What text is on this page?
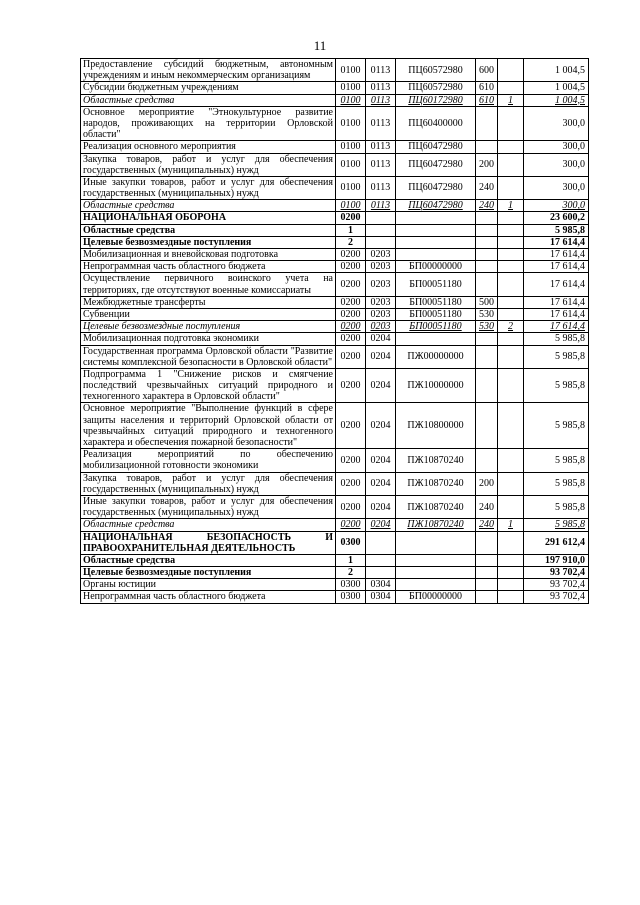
11
Предоставление субсидий бюджетным, автономным учреждениям и иным некоммерческим организациям	0100	0113	ПЦ60572980	600		1 004,5
Субсидии бюджетным учреждениям	0100	0113	ПЦ60572980	610		1 004,5
Областные средства	0100	0113	ПЦ60172980	610	1	1 004,5
Основное мероприятие "Этнокультурное развитие народов, проживающих на территории Орловской области"	0100	0113	ПЦ60400000			300,0
Реализация основного мероприятия	0100	0113	ПЦ60472980			300,0
Закупка товаров, работ и услуг для обеспечения государственных (муниципальных) нужд	0100	0113	ПЦ60472980	200		300,0
Иные закупки товаров, работ и услуг для обеспечения государственных (муниципальных) нужд	0100	0113	ПЦ60472980	240		300,0
Областные средства	0100	0113	ПЦ60472980	240	1	300,0
НАЦИОНАЛЬНАЯ ОБОРОНА	0200					23 600,2
Областные средства	1					5 985,8
Целевые безвозмездные поступления	2					17 614,4
Мобилизационная и вневойсковая подготовка	0200	0203				17 614,4
Непрограммная часть областного бюджета	0200	0203	БП00000000			17 614,4
Осуществление первичного воинского учета на территориях, где отсутствуют военные комиссариаты	0200	0203	БП00051180			17 614,4
Межбюджетные трансферты	0200	0203	БП00051180	500		17 614,4
Субвенции	0200	0203	БП00051180	530		17 614,4
Целевые безвозмездные поступления	0200	0203	БП00051180	530	2	17 614,4
Мобилизационная подготовка экономики	0200	0204				5 985,8
Государственная программа Орловской области "Развитие системы комплексной безопасности в Орловской области"	0200	0204	ПЖ00000000			5 985,8
Подпрограмма 1 "Снижение рисков и смягчение последствий чрезвычайных ситуаций природного и техногенного характера в Орловской области"	0200	0204	ПЖ10000000			5 985,8
Основное мероприятие "Выполнение функций в сфере защиты населения и территорий Орловской области от чрезвычайных ситуаций природного и техногенного характера и обеспечения пожарной безопасности"	0200	0204	ПЖ10800000			5 985,8
Реализация мероприятий по обеспечению мобилизационной готовности экономики	0200	0204	ПЖ10870240			5 985,8
Закупка товаров, работ и услуг для обеспечения государственных (муниципальных) нужд	0200	0204	ПЖ10870240	200		5 985,8
Иные закупки товаров, работ и услуг для обеспечения государственных (муниципальных) нужд	0200	0204	ПЖ10870240	240		5 985,8
Областные средства	0200	0204	ПЖ10870240	240	1	5 985,8
НАЦИОНАЛЬНАЯ БЕЗОПАСНОСТЬ И ПРАВООХРАНИТЕЛЬНАЯ ДЕЯТЕЛЬНОСТЬ	0300					291 612,4
Областные средства	1					197 910,0
Целевые безвозмездные поступления	2					93 702,4
Органы юстиции	0300	0304				93 702,4
Непрограммная часть областного бюджета	0300	0304	БП00000000			93 702,4
